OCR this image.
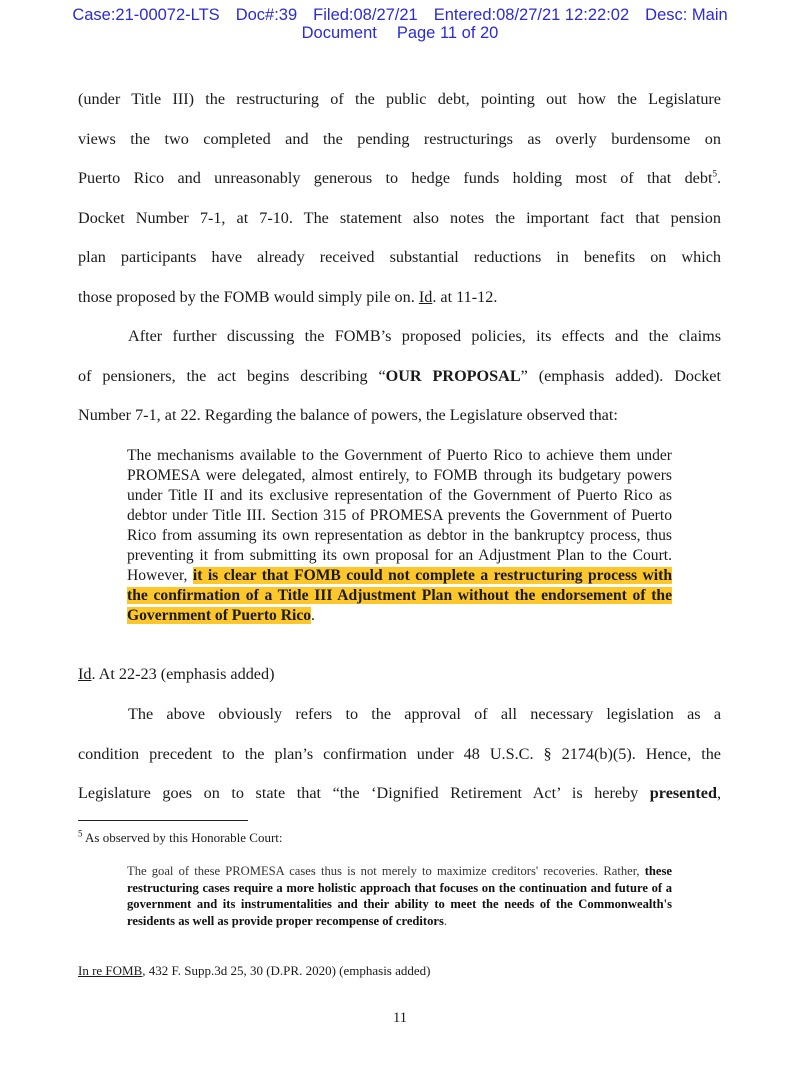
Case:21-00072-LTS Doc#:39 Filed:08/27/21 Entered:08/27/21 12:22:02 Desc: Main
Document Page 11 of 20

(under Title III) the restructuring of the public debt, pointing out how the Legislature

views the two completed and the pending restructurings as overly burdensome on

Puerto Rico and unreasonably generous to hedge funds holding most of that debt$^5$.

Docket Number 7-1, at 7-10. The statement also notes the important fact that pension

plan participants have already received substantial reductions in benefits on which

those proposed by the FOMB would simply pile on. Id. at 11-12.

After further discussing the FOMB’s proposed policies, its effects and the claims

of pensioners, the act begins describing “OUR PROPOSAL” (emphasis added). Docket

Number 7-1, at 22. Regarding the balance of powers, the Legislature observed that:

The mechanisms available to the Government of Puerto Rico to achieve them under PROMESA were delegated, almost entirely, to FOMB through its budgetary powers under Title II and its exclusive representation of the Government of Puerto Rico as debtor under Title III. Section 315 of PROMESA prevents the Government of Puerto Rico from assuming its own representation as debtor in the bankruptcy process, thus preventing it from submitting its own proposal for an Adjustment Plan to the Court. However, it is clear that FOMB could not complete a restructuring process with the confirmation of a Title III Adjustment Plan without the endorsement of the Government of Puerto Rico.

Id. At 22-23 (emphasis added)

The above obviously refers to the approval of all necessary legislation as a

condition precedent to the plan’s confirmation under 48 U.S.C. § 2174(b)(5). Hence, the

Legislature goes on to state that “the ‘Dignified Retirement Act’ is hereby presented,

$^5$ As observed by this Honorable Court:
The goal of these PROMESA cases thus is not merely to maximize creditors' recoveries. Rather, these restructuring cases require a more holistic approach that focuses on the continuation and future of a government and its instrumentalities and their ability to meet the needs of the Commonwealth's residents as well as provide proper recompense of creditors.
In re FOMB, 432 F. Supp.3d 25, 30 (D.PR. 2020) (emphasis added)
11
